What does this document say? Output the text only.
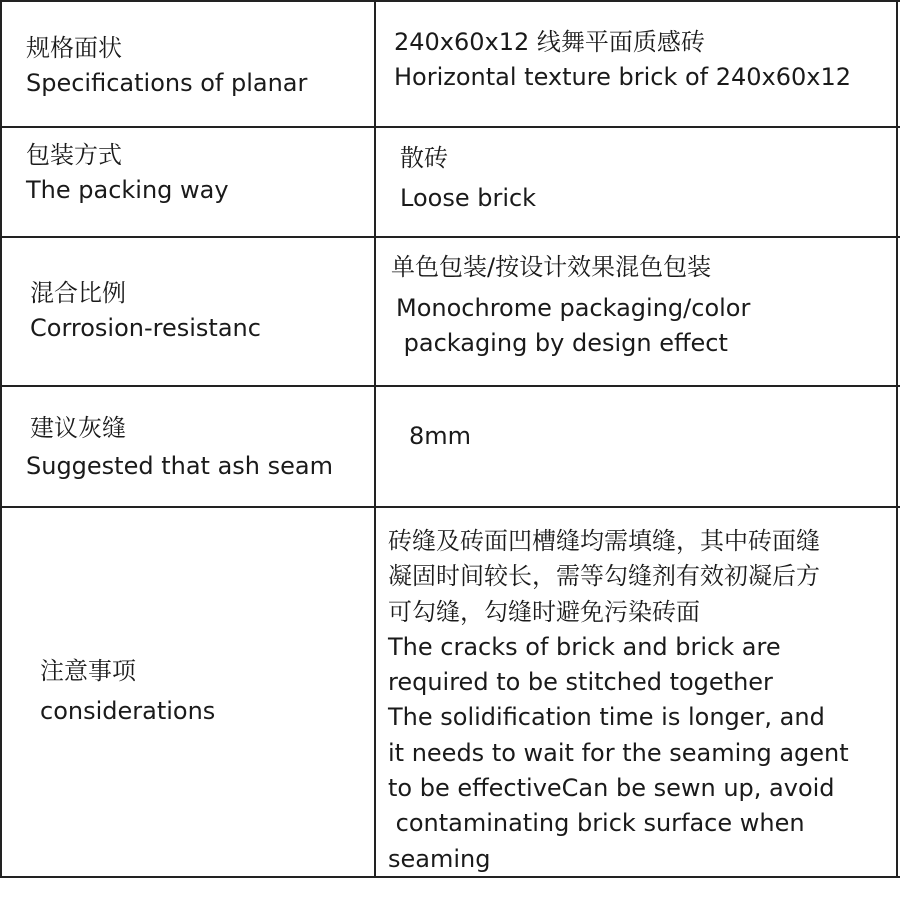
规格面状
Specifications of planar
240x60x12 线舞平面质感砖
Horizontal texture brick of 240x60x12
包装方式
The packing way
散砖
Loose brick
混合比例
Corrosion-resistanc
单色包装/按设计效果混色包装
Monochrome packaging/color
packaging by design effect
建议灰缝
Suggested that ash seam
8mm
注意事项
considerations
砖缝及砖面凹槽缝均需填缝，其中砖面缝
凝固时间较长，需等勾缝剂有效初凝后方
可勾缝，勾缝时避免污染砖面
The cracks of brick and brick are
required to be stitched together
The solidification time is longer, and
it needs to wait for the seaming agent
to be effectiveCan be sewn up, avoid
contaminating brick surface when
seaming
